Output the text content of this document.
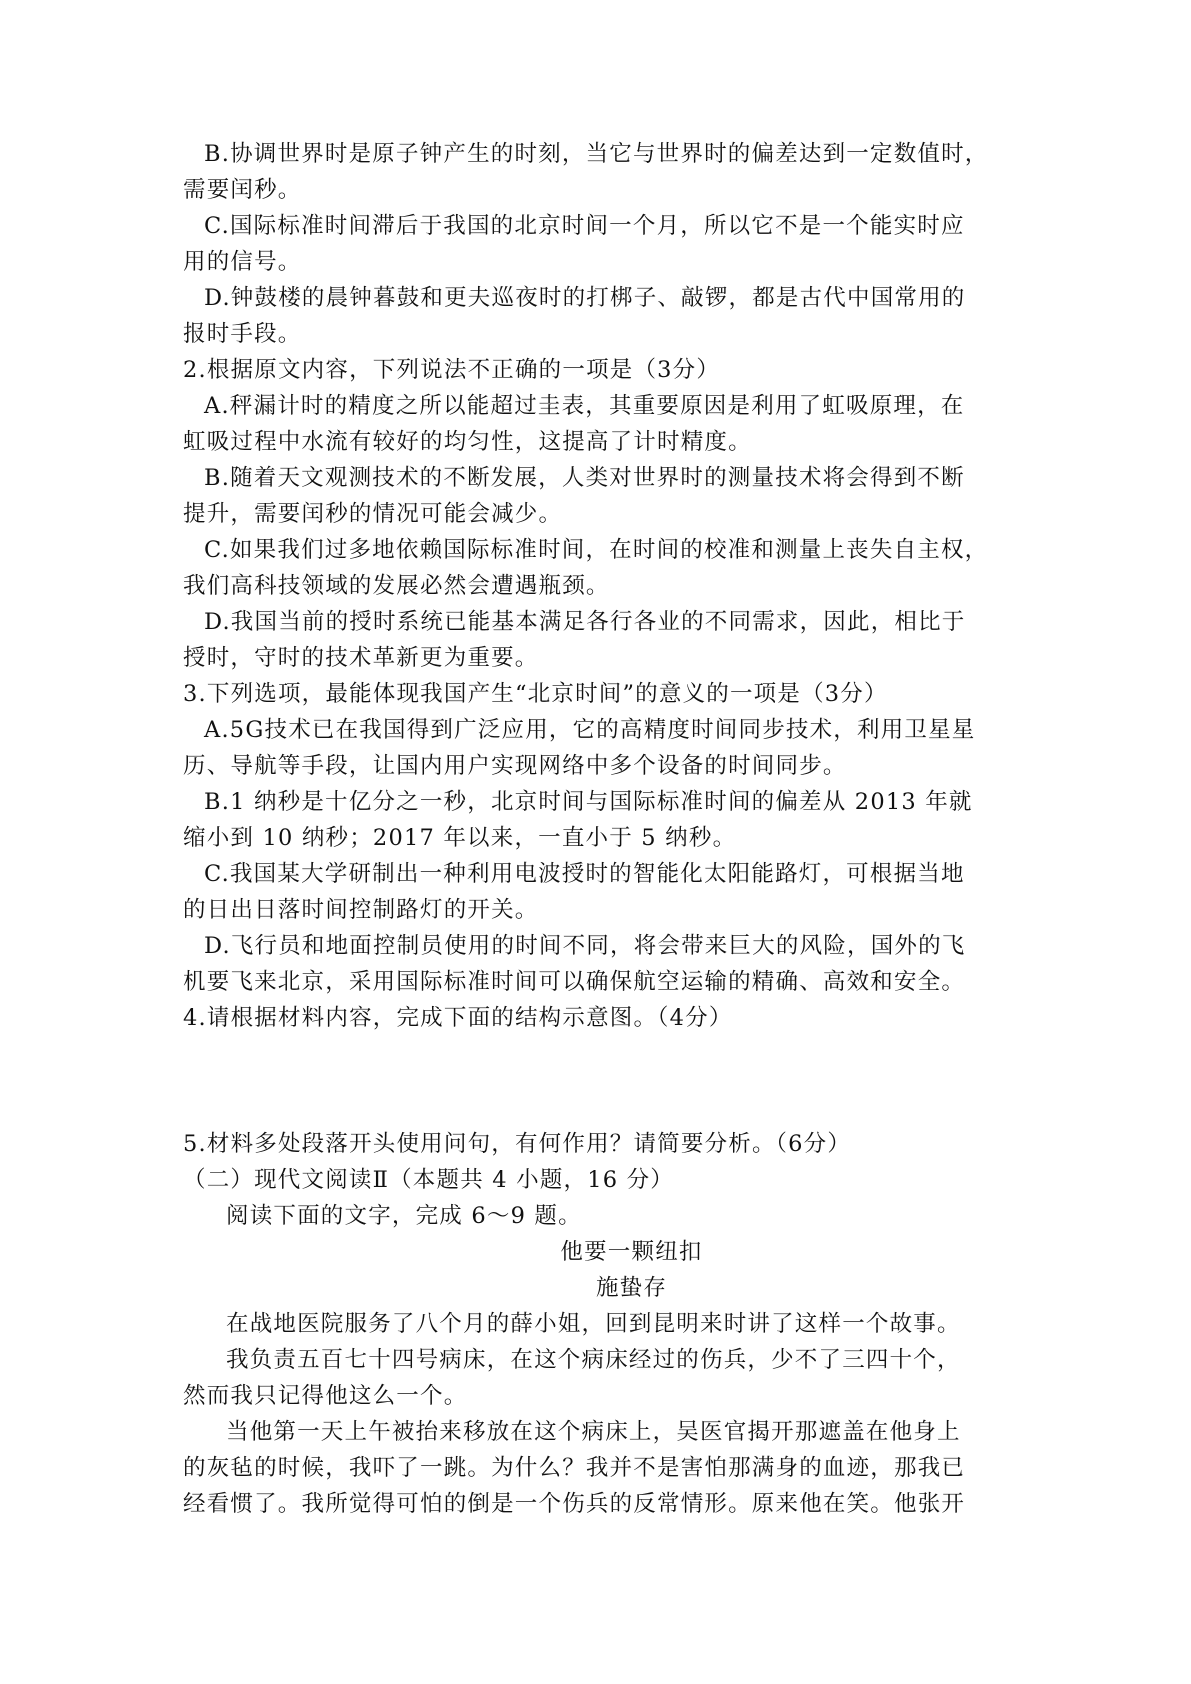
B.协调世界时是原子钟产生的时刻，当它与世界时的偏差达到一定数值时，
需要闰秒。
C.国际标准时间滞后于我国的北京时间一个月，所以它不是一个能实时应
用的信号。
D.钟鼓楼的晨钟暮鼓和更夫巡夜时的打梆子、敲锣，都是古代中国常用的
报时手段。
2.根据原文内容，下列说法不正确的一项是（3分）
A.秤漏计时的精度之所以能超过圭表，其重要原因是利用了虹吸原理，在
虹吸过程中水流有较好的均匀性，这提高了计时精度。
B.随着天文观测技术的不断发展，人类对世界时的测量技术将会得到不断
提升，需要闰秒的情况可能会减少。
C.如果我们过多地依赖国际标准时间，在时间的校准和测量上丧失自主权，
我们高科技领域的发展必然会遭遇瓶颈。
D.我国当前的授时系统已能基本满足各行各业的不同需求，因此，相比于
授时，守时的技术革新更为重要。
3.下列选项，最能体现我国产生“北京时间”的意义的一项是（3分）
A.5G技术已在我国得到广泛应用，它的高精度时间同步技术，利用卫星星
历、导航等手段，让国内用户实现网络中多个设备的时间同步。
B.1 纳秒是十亿分之一秒，北京时间与国际标准时间的偏差从 2013 年就
缩小到 10 纳秒；2017 年以来，一直小于 5 纳秒。
C.我国某大学研制出一种利用电波授时的智能化太阳能路灯，可根据当地
的日出日落时间控制路灯的开关。
D.飞行员和地面控制员使用的时间不同，将会带来巨大的风险，国外的飞
机要飞来北京，采用国际标准时间可以确保航空运输的精确、高效和安全。
4.请根据材料内容，完成下面的结构示意图。（4分）
5.材料多处段落开头使用问句，有何作用？请简要分析。（6分）
（二）现代文阅读Ⅱ（本题共 4 小题，16 分）
阅读下面的文字，完成 6～9 题。
他要一颗纽扣
施蛰存
在战地医院服务了八个月的薛小姐，回到昆明来时讲了这样一个故事。
我负责五百七十四号病床，在这个病床经过的伤兵，少不了三四十个，
然而我只记得他这么一个。
当他第一天上午被抬来移放在这个病床上，吴医官揭开那遮盖在他身上
的灰毡的时候，我吓了一跳。为什么？我并不是害怕那满身的血迹，那我已
经看惯了。我所觉得可怕的倒是一个伤兵的反常情形。原来他在笑。他张开
